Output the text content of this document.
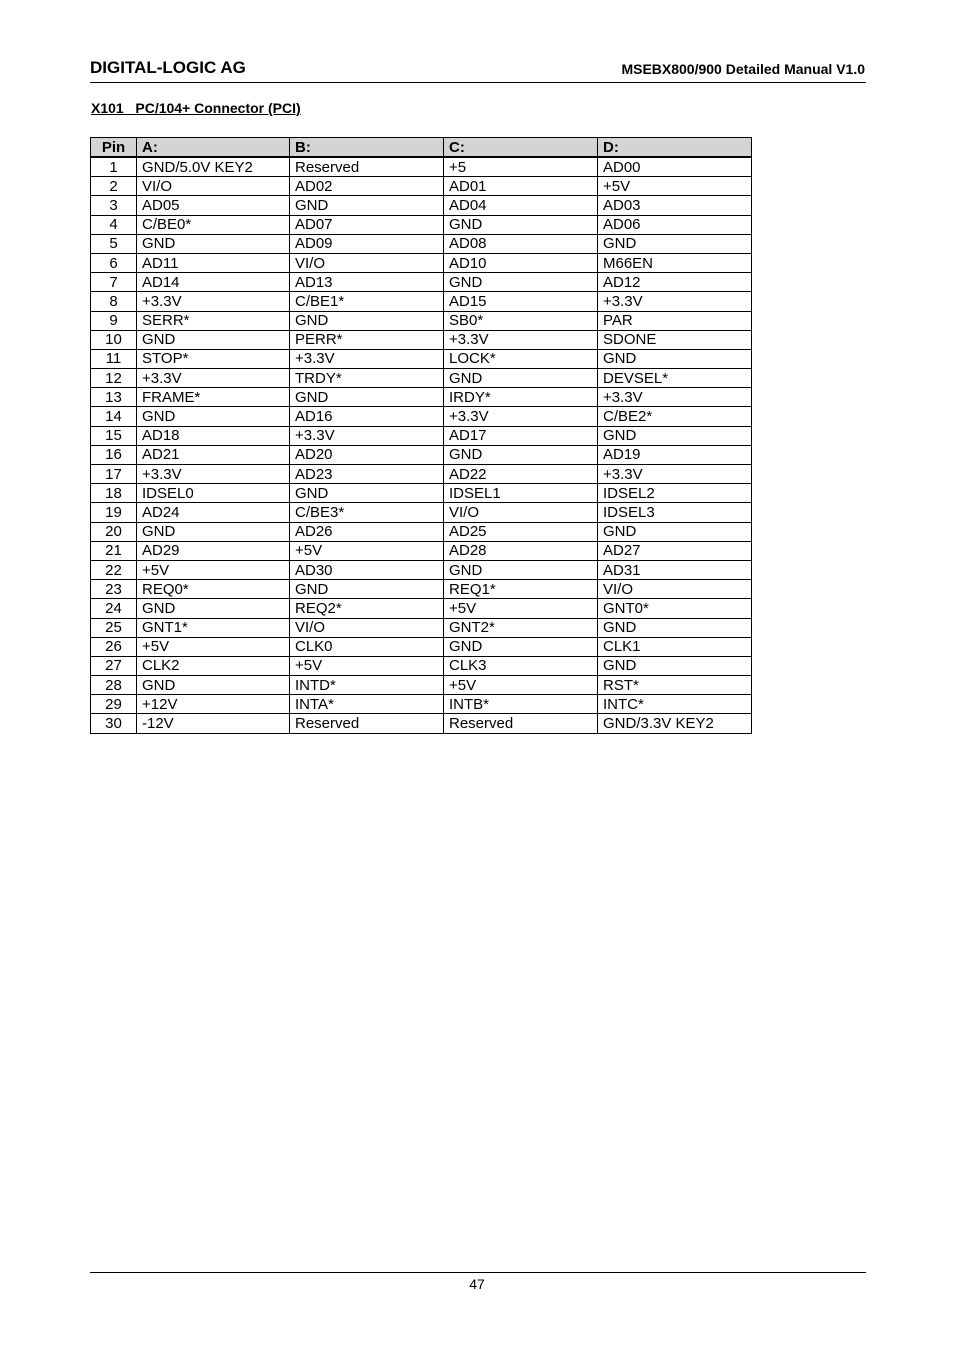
DIGITAL-LOGIC AG	MSEBX800/900 Detailed Manual V1.0
X101   PC/104+ Connector (PCI)
Pin	A:	B:	C:	D:
1	GND/5.0V KEY2	Reserved	+5	AD00
2	VI/O	AD02	AD01	+5V
3	AD05	GND	AD04	AD03
4	C/BE0*	AD07	GND	AD06
5	GND	AD09	AD08	GND
6	AD11	VI/O	AD10	M66EN
7	AD14	AD13	GND	AD12
8	+3.3V	C/BE1*	AD15	+3.3V
9	SERR*	GND	SB0*	PAR
10	GND	PERR*	+3.3V	SDONE
11	STOP*	+3.3V	LOCK*	GND
12	+3.3V	TRDY*	GND	DEVSEL*
13	FRAME*	GND	IRDY*	+3.3V
14	GND	AD16	+3.3V	C/BE2*
15	AD18	+3.3V	AD17	GND
16	AD21	AD20	GND	AD19
17	+3.3V	AD23	AD22	+3.3V
18	IDSEL0	GND	IDSEL1	IDSEL2
19	AD24	C/BE3*	VI/O	IDSEL3
20	GND	AD26	AD25	GND
21	AD29	+5V	AD28	AD27
22	+5V	AD30	GND	AD31
23	REQ0*	GND	REQ1*	VI/O
24	GND	REQ2*	+5V	GNT0*
25	GNT1*	VI/O	GNT2*	GND
26	+5V	CLK0	GND	CLK1
27	CLK2	+5V	CLK3	GND
28	GND	INTD*	+5V	RST*
29	+12V	INTA*	INTB*	INTC*
30	-12V	Reserved	Reserved	GND/3.3V KEY2
47
